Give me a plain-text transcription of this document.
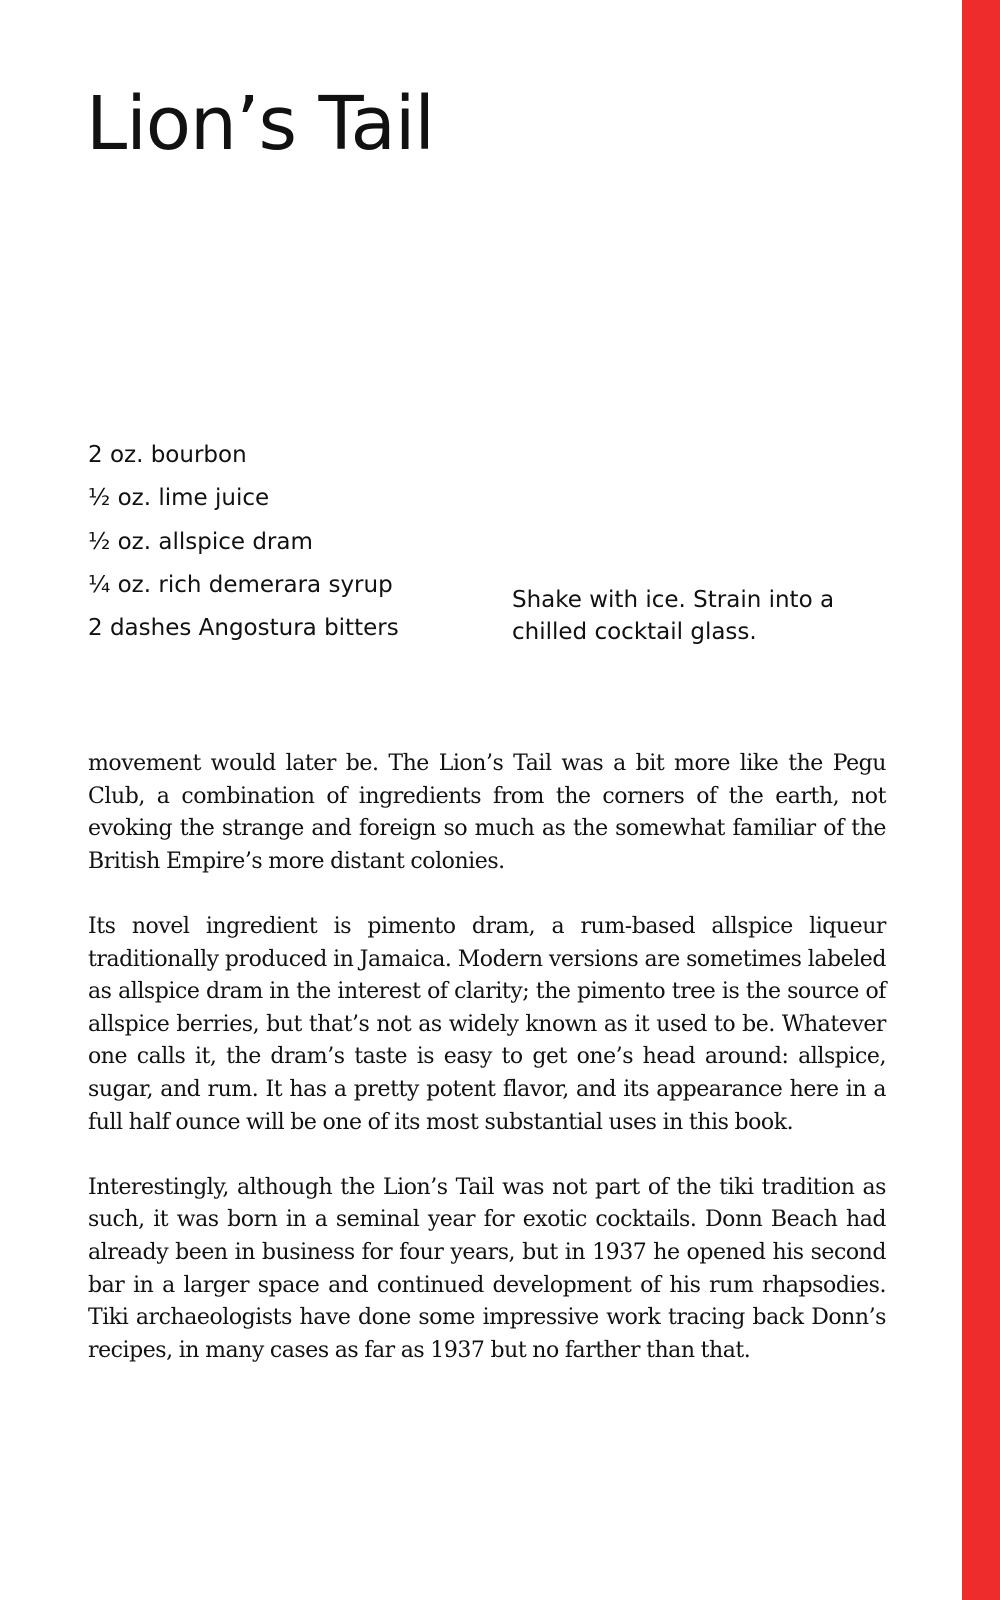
Lion’s Tail
2 oz. bourbon
½ oz. lime juice
½ oz. allspice dram
¼ oz. rich demerara syrup
2 dashes Angostura bitters

Shake with ice. Strain into a chilled cocktail glass.

movement would later be. The Lion’s Tail was a bit more like the Pegu Club, a combination of ingredients from the corners of the earth, not evoking the strange and foreign so much as the somewhat familiar of the British Empire’s more distant colonies.

Its novel ingredient is pimento dram, a rum-based allspice liqueur traditionally produced in Jamaica. Modern versions are sometimes labeled as allspice dram in the interest of clarity; the pimento tree is the source of allspice berries, but that’s not as widely known as it used to be. Whatever one calls it, the dram’s taste is easy to get one’s head around: allspice, sugar, and rum. It has a pretty potent flavor, and its appearance here in a full half ounce will be one of its most substantial uses in this book.

Interestingly, although the Lion’s Tail was not part of the tiki tradition as such, it was born in a seminal year for exotic cocktails. Donn Beach had already been in business for four years, but in 1937 he opened his second bar in a larger space and continued development of his rum rhapsodies. Tiki archaeologists have done some impressive work tracing back Donn’s recipes, in many cases as far as 1937 but no farther than that.
